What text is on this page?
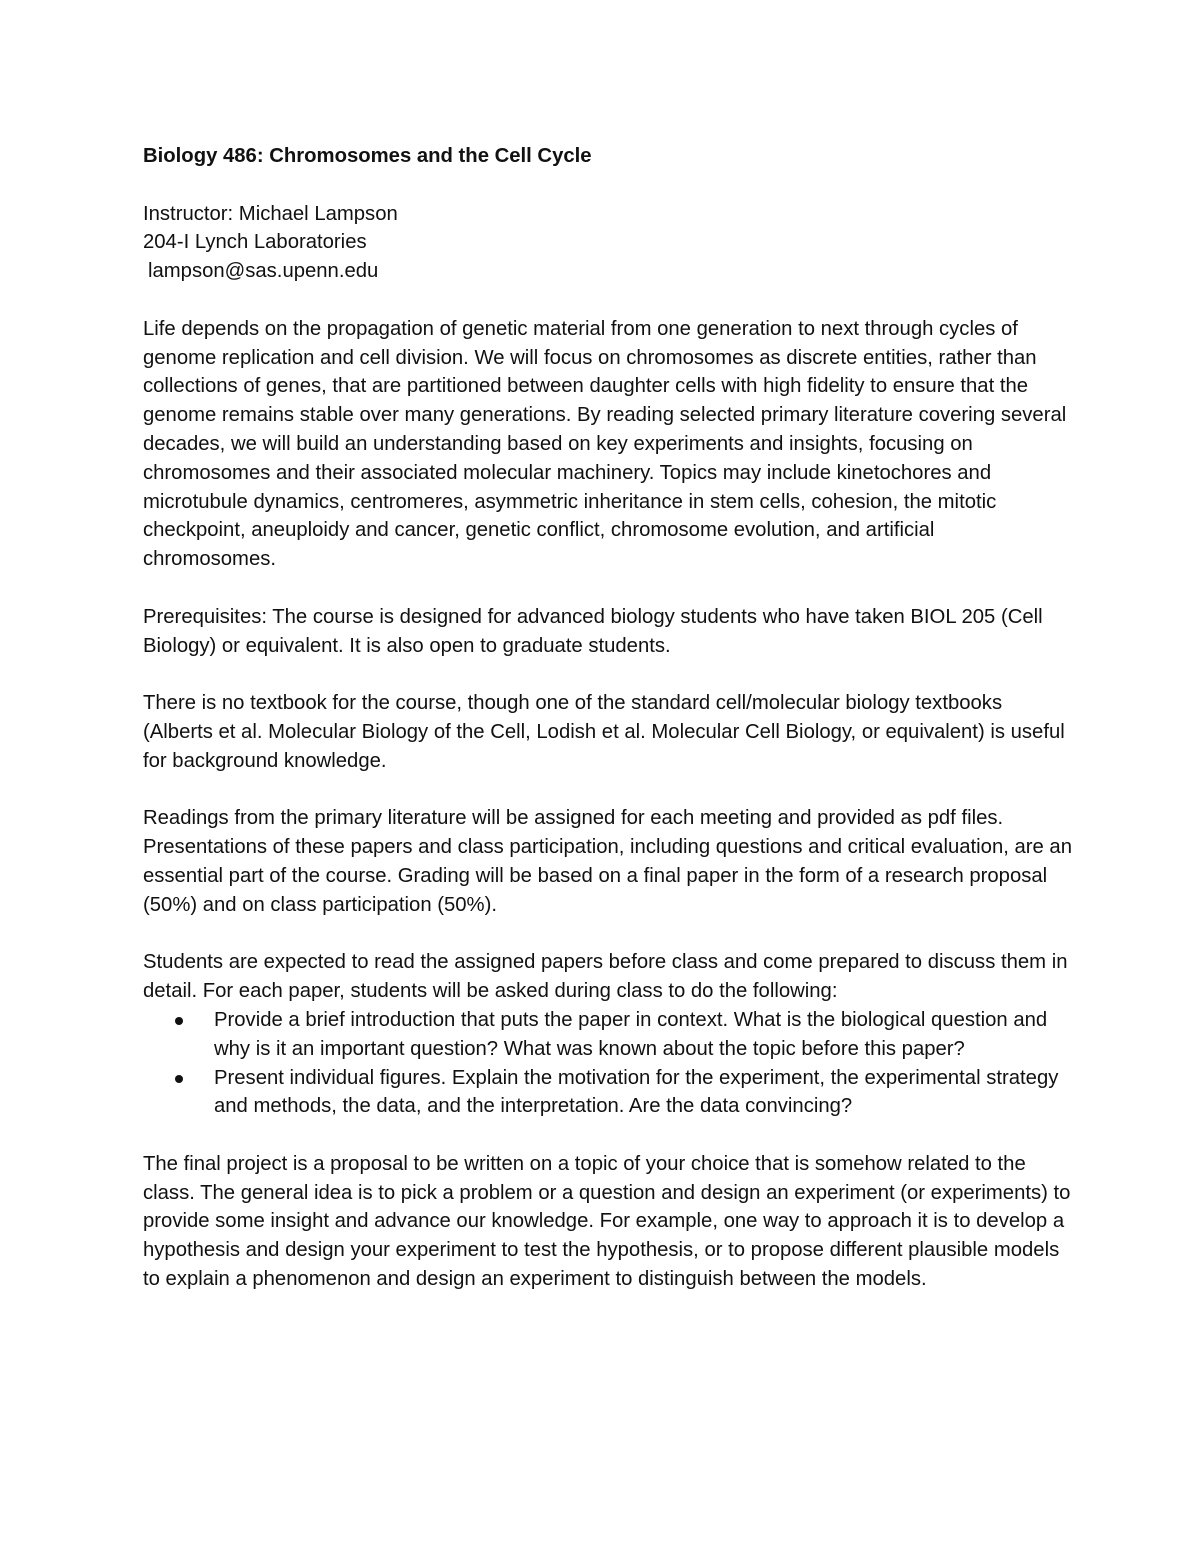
Biology 486: Chromosomes and the Cell Cycle

Instructor: Michael Lampson

204-I Lynch Laboratories

lampson@sas.upenn.edu

Life depends on the propagation of genetic material from one generation to next through cycles of genome replication and cell division. We will focus on chromosomes as discrete entities, rather than collections of genes, that are partitioned between daughter cells with high fidelity to ensure that the genome remains stable over many generations. By reading selected primary literature covering several decades, we will build an understanding based on key experiments and insights, focusing on chromosomes and their associated molecular machinery. Topics may include kinetochores and microtubule dynamics, centromeres, asymmetric inheritance in stem cells, cohesion, the mitotic checkpoint, aneuploidy and cancer, genetic conflict, chromosome evolution, and artificial chromosomes.

Prerequisites: The course is designed for advanced biology students who have taken BIOL 205 (Cell Biology) or equivalent. It is also open to graduate students.

There is no textbook for the course, though one of the standard cell/molecular biology textbooks (Alberts et al. Molecular Biology of the Cell, Lodish et al. Molecular Cell Biology, or equivalent) is useful for background knowledge.

Readings from the primary literature will be assigned for each meeting and provided as pdf files. Presentations of these papers and class participation, including questions and critical evaluation, are an essential part of the course. Grading will be based on a final paper in the form of a research proposal (50%) and on class participation (50%).

Students are expected to read the assigned papers before class and come prepared to discuss them in detail. For each paper, students will be asked during class to do the following:

Provide a brief introduction that puts the paper in context. What is the biological question and why is it an important question? What was known about the topic before this paper?
Present individual figures. Explain the motivation for the experiment, the experimental strategy and methods, the data, and the interpretation. Are the data convincing?

The final project is a proposal to be written on a topic of your choice that is somehow related to the class. The general idea is to pick a problem or a question and design an experiment (or experiments) to provide some insight and advance our knowledge. For example, one way to approach it is to develop a hypothesis and design your experiment to test the hypothesis, or to propose different plausible models to explain a phenomenon and design an experiment to distinguish between the models.
